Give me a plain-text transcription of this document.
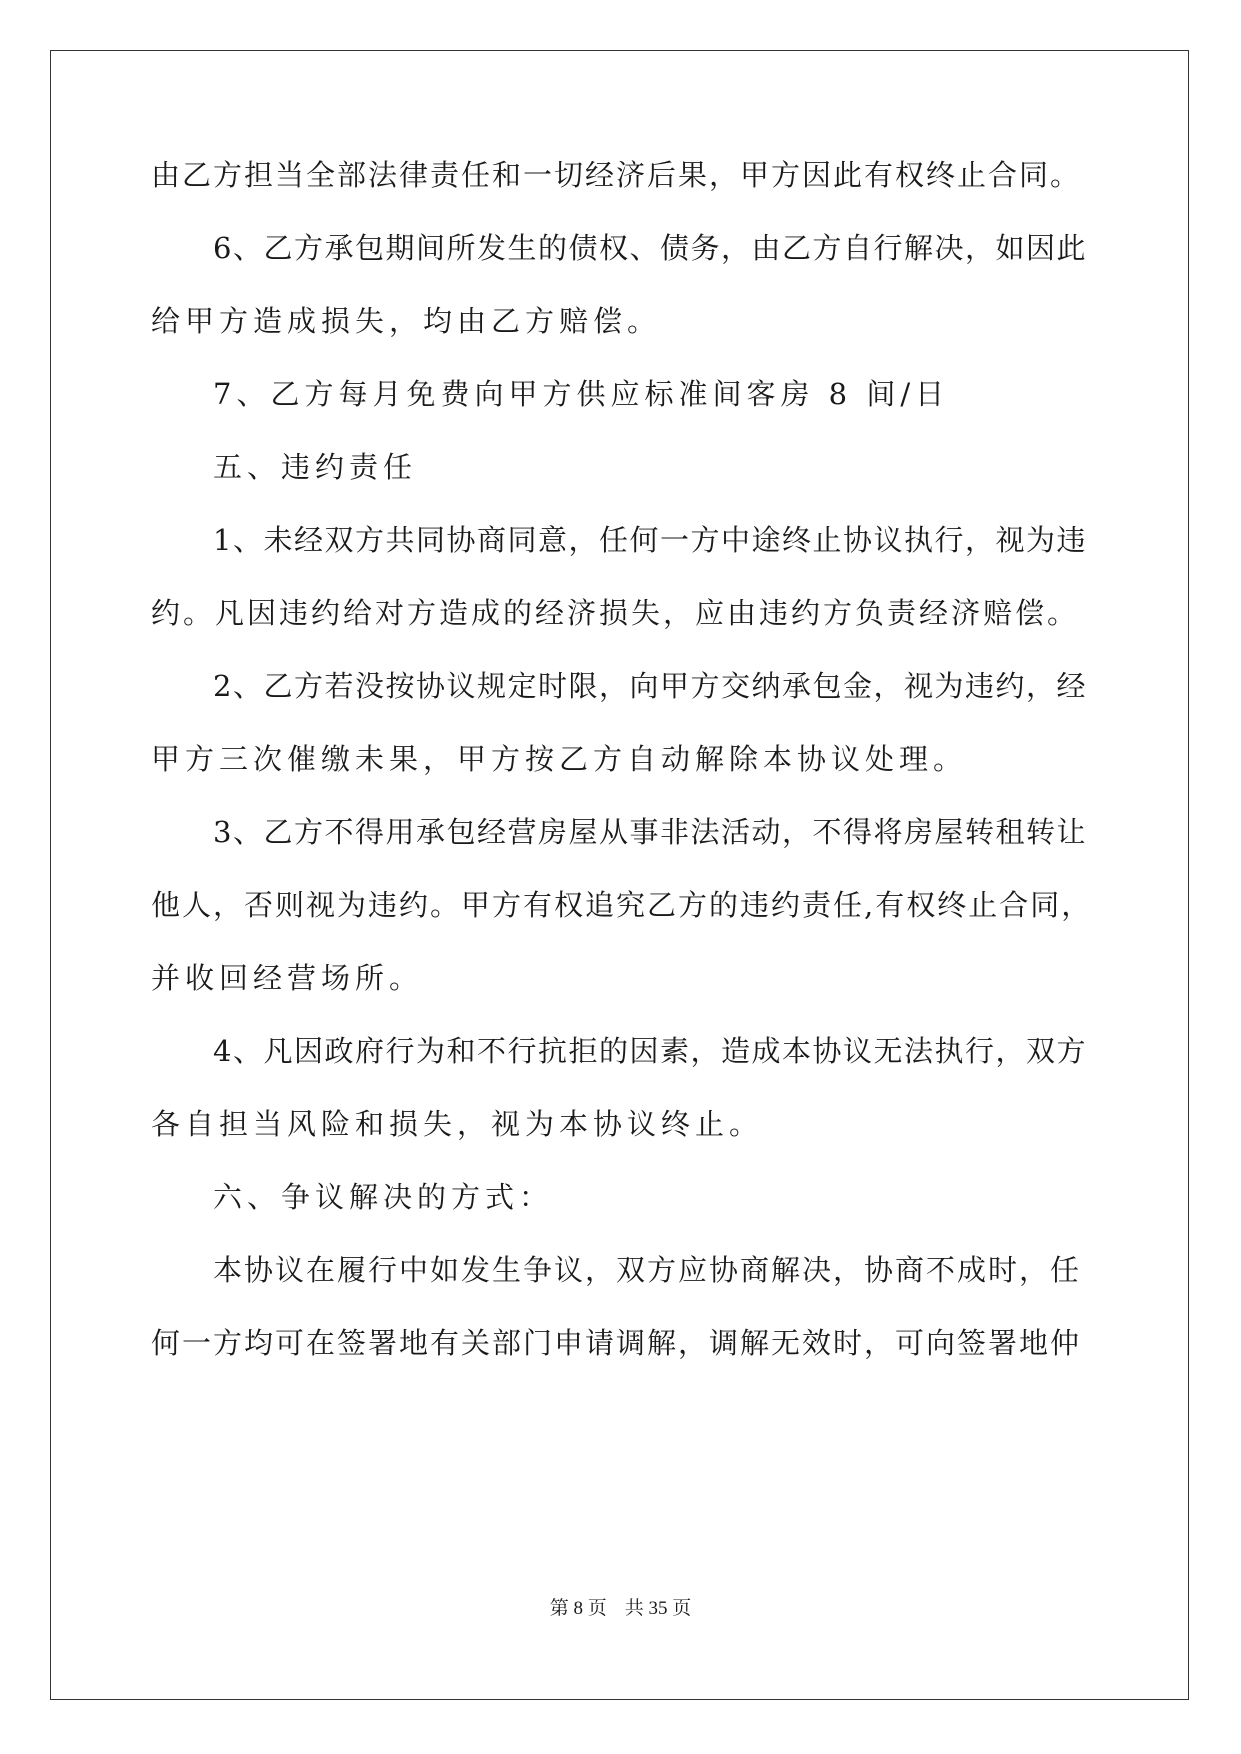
由乙方担当全部法律责任和一切经济后果，甲方因此有权终止合同。
6、乙方承包期间所发生的债权、债务，由乙方自行解决，如因此
给甲方造成损失，均由乙方赔偿。
7、乙方每月免费向甲方供应标准间客房 8 间/日
五、违约责任
1、未经双方共同协商同意，任何一方中途终止协议执行，视为违
约。凡因违约给对方造成的经济损失，应由违约方负责经济赔偿。
2、乙方若没按协议规定时限，向甲方交纳承包金，视为违约，经
甲方三次催缴未果，甲方按乙方自动解除本协议处理。
3、乙方不得用承包经营房屋从事非法活动，不得将房屋转租转让
他人，否则视为违约。甲方有权追究乙方的违约责任,有权终止合同，
并收回经营场所。
4、凡因政府行为和不行抗拒的因素，造成本协议无法执行，双方
各自担当风险和损失，视为本协议终止。
六、争议解决的方式：
本协议在履行中如发生争议，双方应协商解决，协商不成时，任
何一方均可在签署地有关部门申请调解，调解无效时，可向签署地仲
第 8 页 共 35 页
